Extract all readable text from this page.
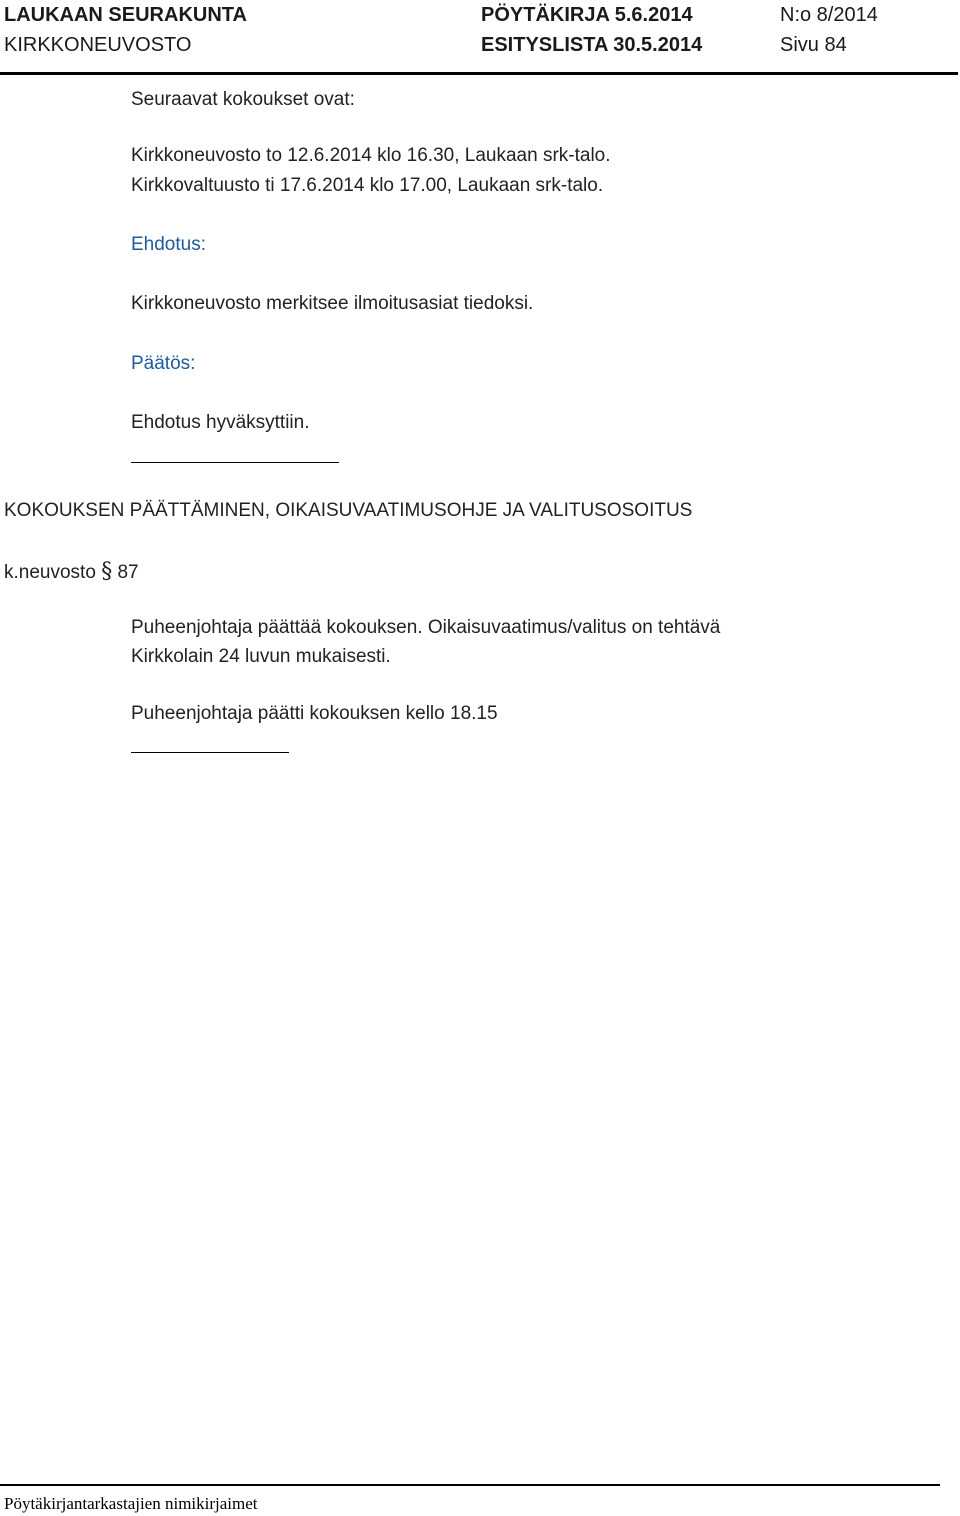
LAUKAAN SEURAKUNTA
KIRKKONEUVOSTO
PÖYTÄKIRJA 5.6.2014
ESITYSLISTA 30.5.2014
N:o 8/2014
Sivu 84
Seuraavat kokoukset ovat:
Kirkkoneuvosto to 12.6.2014 klo 16.30, Laukaan srk-talo.
Kirkkovaltuusto ti 17.6.2014 klo 17.00, Laukaan srk-talo.
Ehdotus:
Kirkkoneuvosto merkitsee ilmoitusasiat tiedoksi.
Päätös:
Ehdotus hyväksyttiin.
KOKOUKSEN PÄÄTTÄMINEN, OIKAISUVAATIMUSOHJE JA VALITUSOSOITUS
k.neuvosto § 87
Puheenjohtaja päättää kokouksen. Oikaisuvaatimus/valitus on tehtävä
Kirkkolain 24 luvun mukaisesti.
Puheenjohtaja päätti kokouksen kello 18.15
Pöytäkirjantarkastajien nimikirjaimet
